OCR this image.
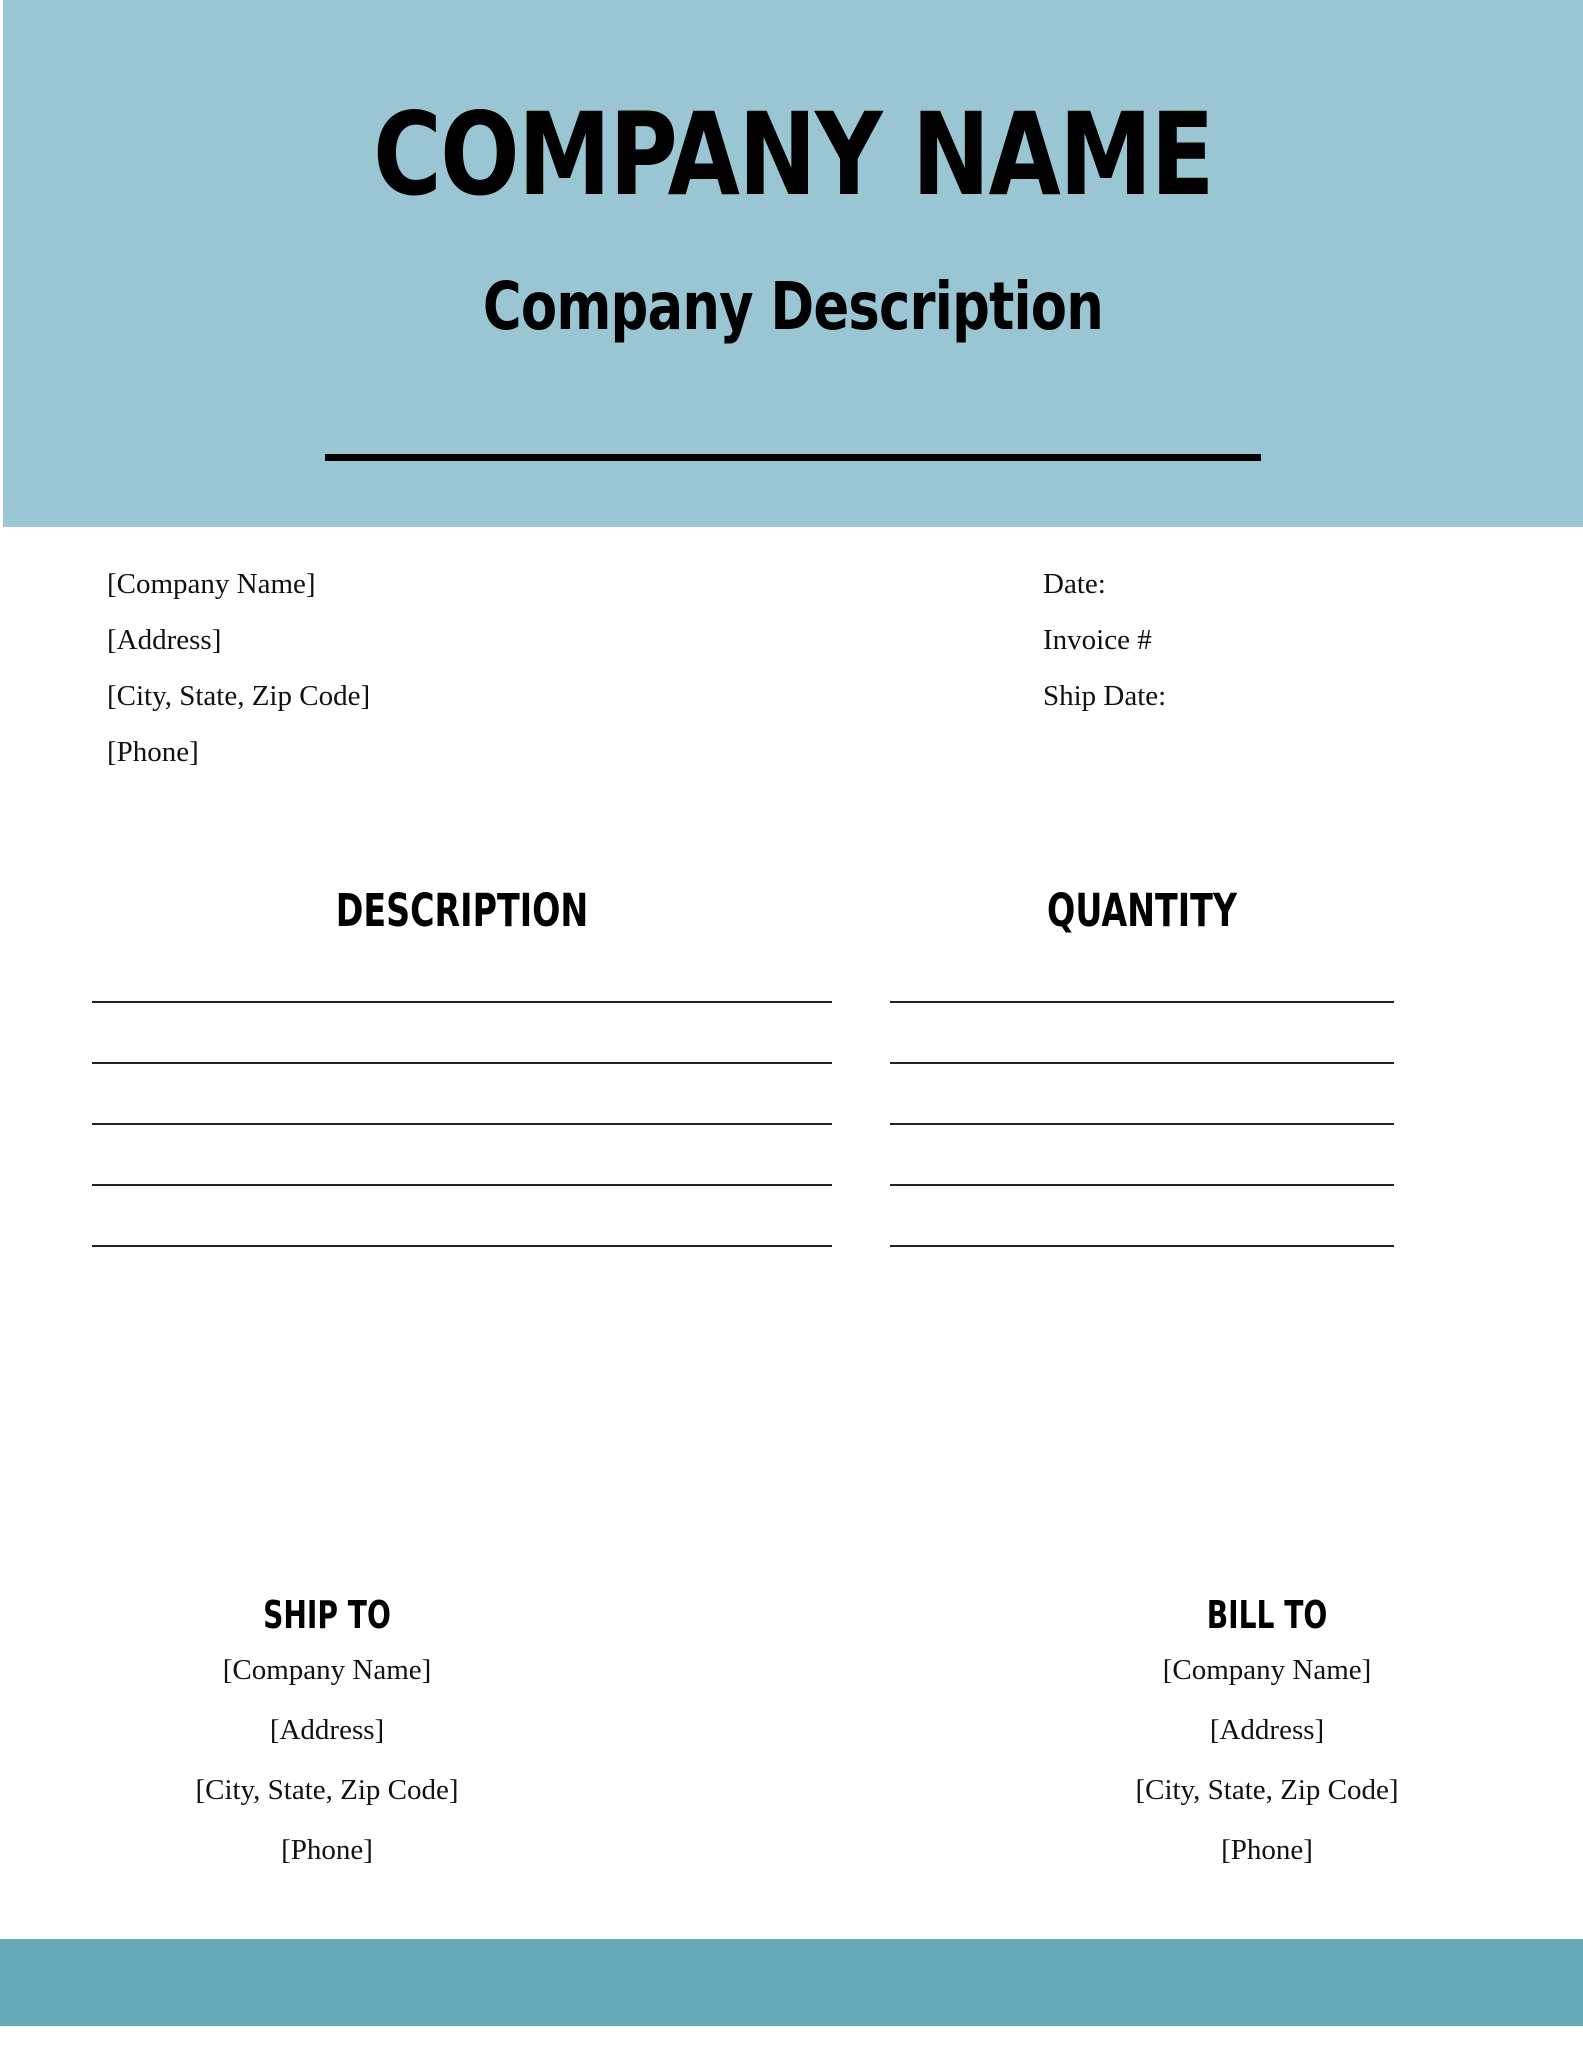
COMPANY NAME
Company Description
[Company Name]
[Address]
[City, State, Zip Code]
[Phone]
Date:
Invoice #
Ship Date:
DESCRIPTION	QUANTITY
SHIP TO
[Company Name]
[Address]
[City, State, Zip Code]
[Phone]
BILL TO
[Company Name]
[Address]
[City, State, Zip Code]
[Phone]
